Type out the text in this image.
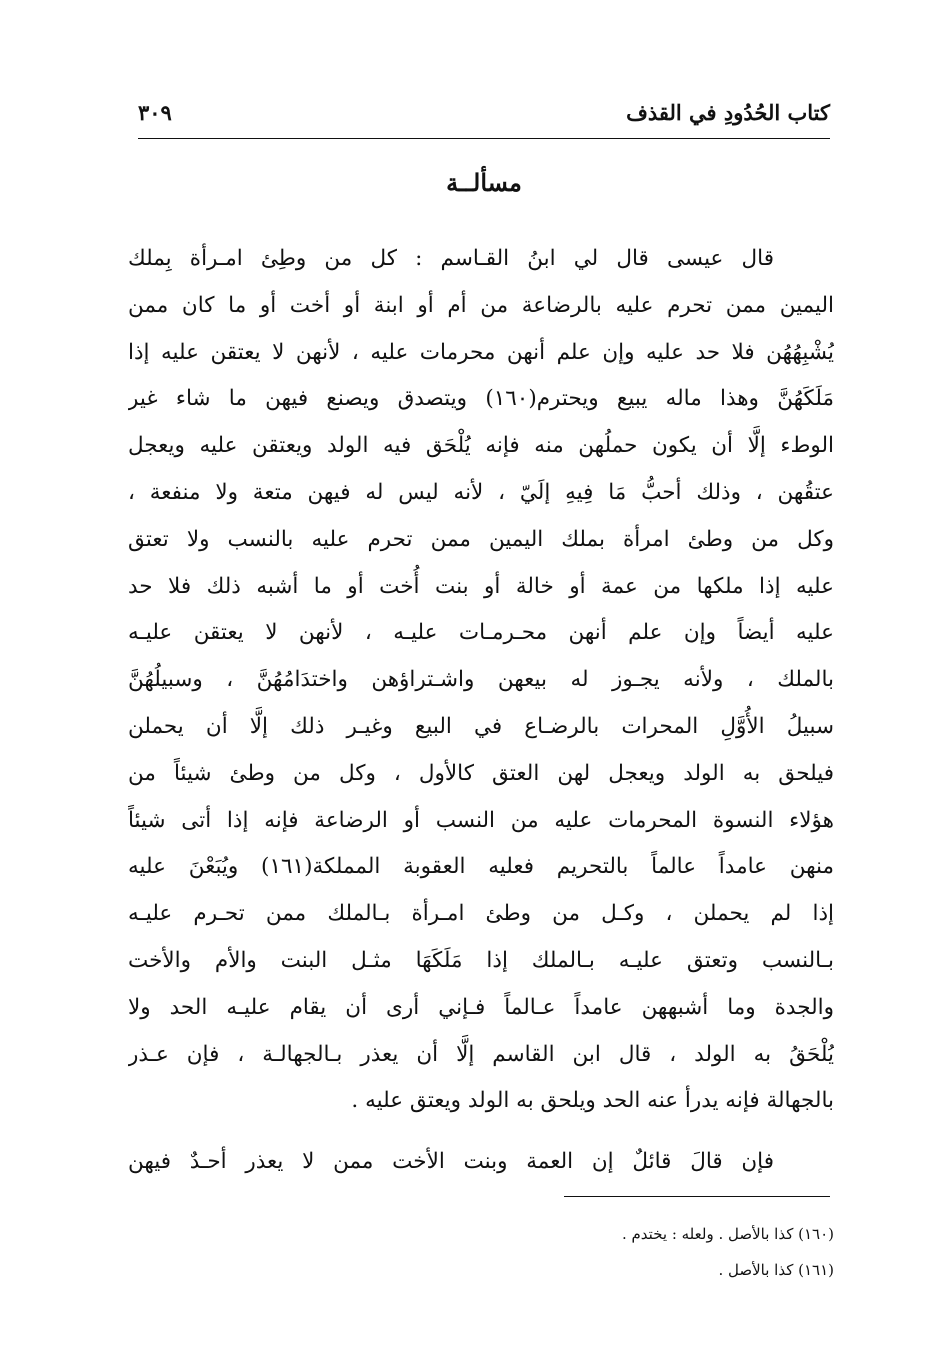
كتاب الحُدُودِ في القذف
٣٠٩
مسألــة
قال عيسى قال لي ابنُ القـاسم : كل من وطِئ امـرأة بِملك
اليمين ممن تحرم عليه بالرضاعة من أم أو ابنة أو أخت أو ما كان ممن
يُشْبِهُهُن فلا حد عليه وإن علم أنهن محرمات عليه ، لأنهن لا يعتقن عليه إذا
مَلَكَهُنَّ وهذا ماله يبيع ويحترم(١٦٠) ويتصدق ويصنع فيهن ما شاء غير
الوطء إلَّا أن يكون حملُهن منه فإنه يُلْحَق فيه الولد ويعتقن عليه ويعجل
عتقُهن ، وذلك أحبُّ مَا فِيهِ إلَيّ ، لأنه ليس له فيهن متعة ولا منفعة ،
وكل من وطئ امرأة بملك اليمين ممن تحرم عليه بالنسب ولا تعتق
عليه إذا ملكها من عمة أو خالة أو بنت أُخت أو ما أشبه ذلك فلا حد
عليه أيضاً وإن علم أنهن محـرمـات عليـه ، لأنهن لا يعتقن عليـه
بالملك ، ولأنه يجـوز له بيعهن واشـتراؤهن واختدَامُهُنَّ ، وسبيلُهُنَّ
سبيلُ الأُوَّلِ المحرات بالرضـاع في البيع وغيـر ذلك إلَّا أن يحملن
فيلحق به الولد ويعجل لهن العتق كالأول ، وكل من وطئ شيئاً من
هؤلاء النسوة المحرمات عليه من النسب أو الرضاعة فإنه إذا أتى شيئاً
منهن عامداً عالماً بالتحريم فعليه العقوبة المملكة(١٦١) ويُبَعْنَ عليه
إذا لم يحملن ، وكـل من وطئ امـرأة بـالملك ممن تحـرم عليـه
بـالنسب وتعتق عليـه بـالملك إذا مَلَكَهَا مثـل البنت والأم والأخت
والجدة وما أشبههن عامداً عـالماً فـإني أرى أن يقام عليـه الحد ولا
يُلْحَقُ به الولد ، قال ابن القاسم إلَّا أن يعذر بـالجهالـة ، فإن عـذر
بالجهالة فإنه يدرأ عنه الحد ويلحق به الولد ويعتق عليه .
فإن قالَ قائلٌ إن العمة وبنت الأخت ممن لا يعذر أحـدٌ فيهن
(١٦٠) كذا بالأصل . ولعله : يختدم .
(١٦١) كذا بالأصل .
